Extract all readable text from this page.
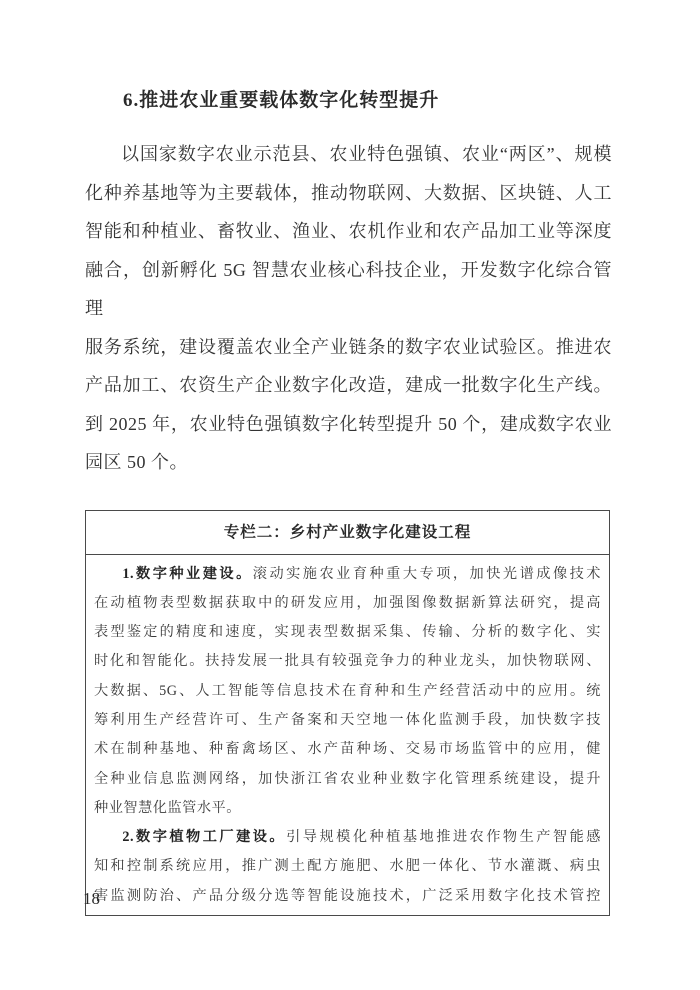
6.推进农业重要载体数字化转型提升
以国家数字农业示范县、农业特色强镇、农业“两区”、规模
化种养基地等为主要载体，推动物联网、大数据、区块链、人工
智能和种植业、畜牧业、渔业、农机作业和农产品加工业等深度
融合，创新孵化 5G 智慧农业核心科技企业，开发数字化综合管理
服务系统，建设覆盖农业全产业链条的数字农业试验区。推进农
产品加工、农资生产企业数字化改造，建成一批数字化生产线。
到 2025 年，农业特色强镇数字化转型提升 50 个，建成数字农业
园区 50 个。
专栏二：乡村产业数字化建设工程
1.数字种业建设。滚动实施农业育种重大专项，加快光谱成像技术
在动植物表型数据获取中的研发应用，加强图像数据新算法研究，提高
表型鉴定的精度和速度，实现表型数据采集、传输、分析的数字化、实
时化和智能化。扶持发展一批具有较强竞争力的种业龙头，加快物联网、
大数据、5G、人工智能等信息技术在育种和生产经营活动中的应用。统
筹利用生产经营许可、生产备案和天空地一体化监测手段，加快数字技
术在制种基地、种畜禽场区、水产苗种场、交易市场监管中的应用，健
全种业信息监测网络，加快浙江省农业种业数字化管理系统建设，提升
种业智慧化监管水平。
2.数字植物工厂建设。引导规模化种植基地推进农作物生产智能感
知和控制系统应用，推广测土配方施肥、水肥一体化、节水灌溉、病虫
害监测防治、产品分级分选等智能设施技术，广泛采用数字化技术管控
18
